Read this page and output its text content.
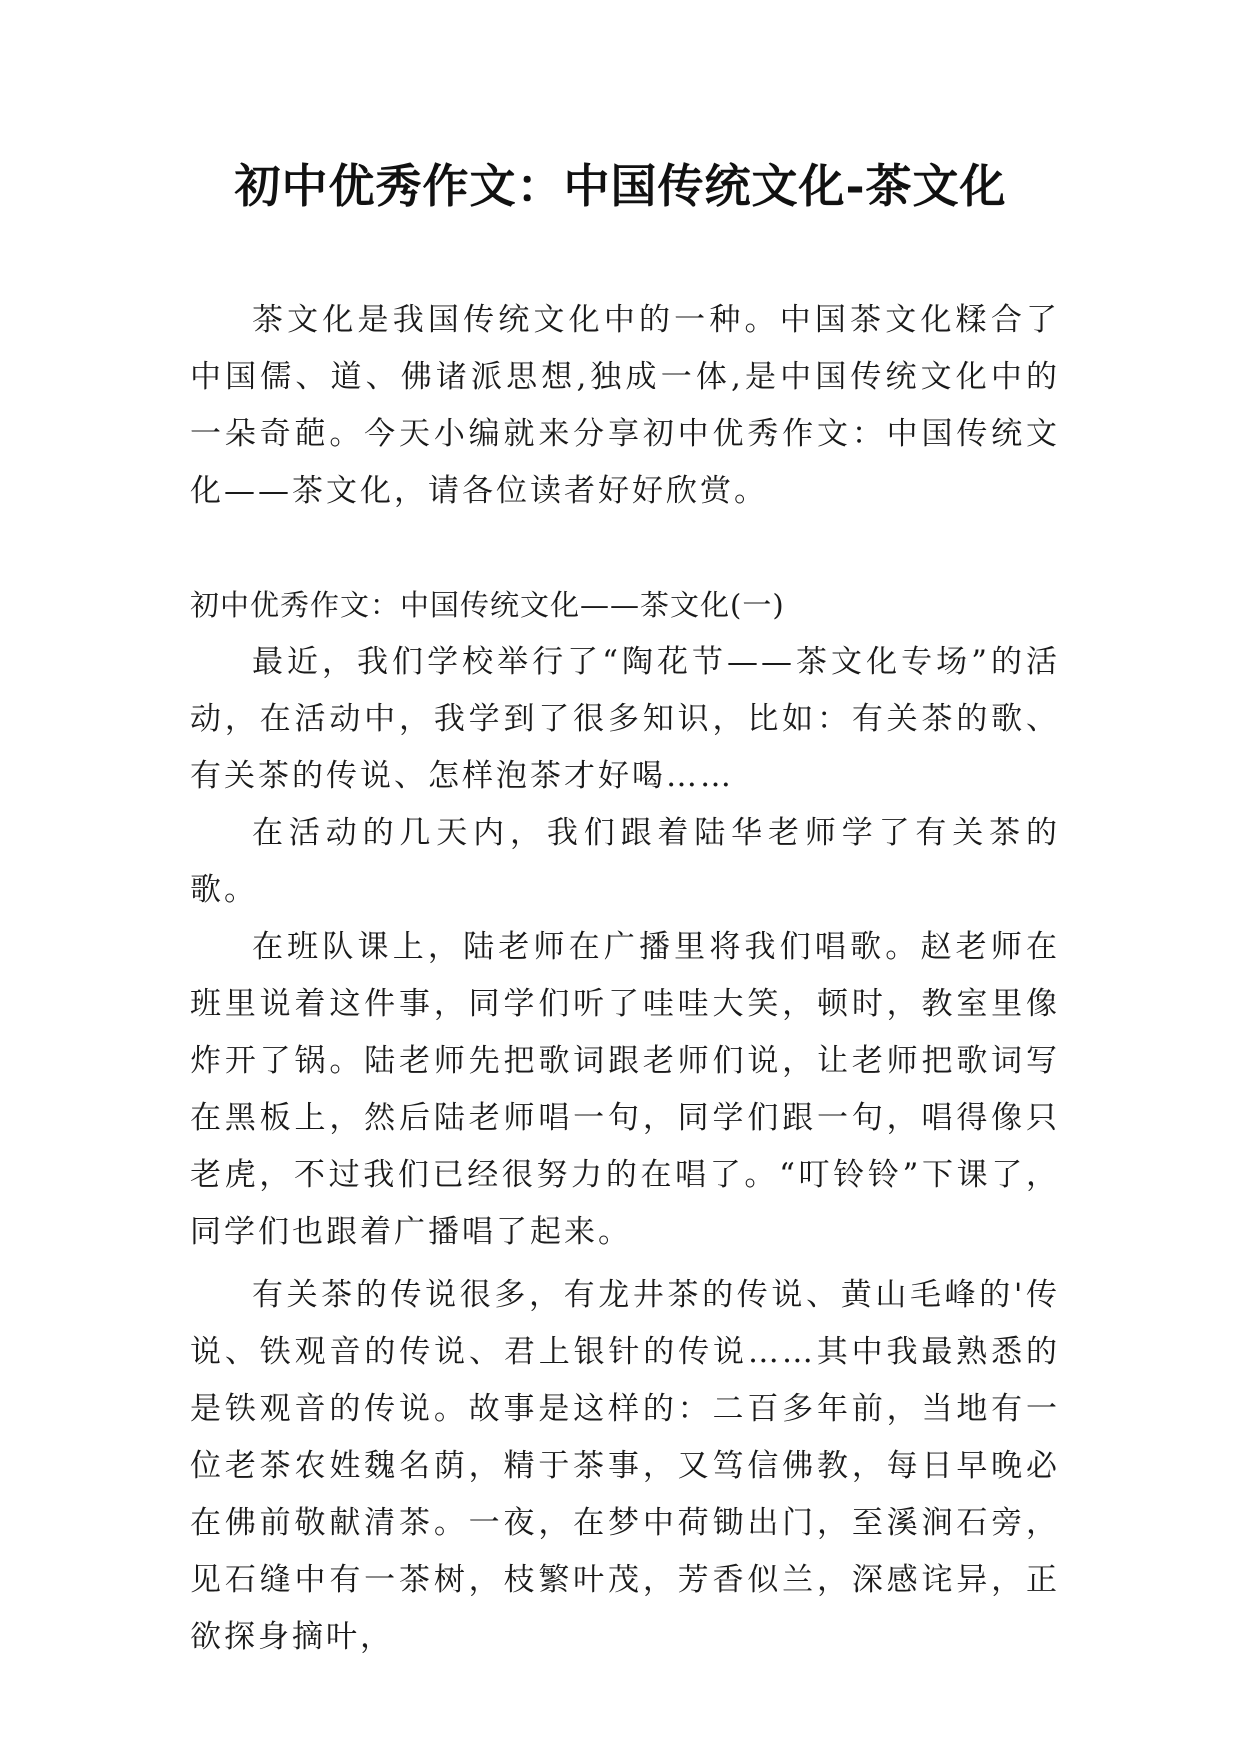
初中优秀作文：中国传统文化-茶文化

茶文化是我国传统文化中的一种。中国茶文化糅合了中国儒、道、佛诸派思想,独成一体,是中国传统文化中的一朵奇葩。今天小编就来分享初中优秀作文：中国传统文化——茶文化，请各位读者好好欣赏。

初中优秀作文：中国传统文化——茶文化(一)

最近，我们学校举行了“陶花节——茶文化专场”的活动，在活动中，我学到了很多知识，比如：有关茶的歌、有关茶的传说、怎样泡茶才好喝……

在活动的几天内，我们跟着陆华老师学了有关茶的歌。

在班队课上，陆老师在广播里将我们唱歌。赵老师在班里说着这件事，同学们听了哇哇大笑，顿时，教室里像炸开了锅。陆老师先把歌词跟老师们说，让老师把歌词写在黑板上，然后陆老师唱一句，同学们跟一句，唱得像只老虎，不过我们已经很努力的在唱了。“叮铃铃”下课了，同学们也跟着广播唱了起来。

有关茶的传说很多，有龙井茶的传说、黄山毛峰的'传说、铁观音的传说、君上银针的传说……其中我最熟悉的是铁观音的传说。故事是这样的：二百多年前，当地有一位老茶农姓魏名荫，精于茶事，又笃信佛教，每日早晚必在佛前敬献清茶。一夜，在梦中荷锄出门，至溪涧石旁，见石缝中有一茶树，枝繁叶茂，芳香似兰，深感诧异，正欲探身摘叶，
